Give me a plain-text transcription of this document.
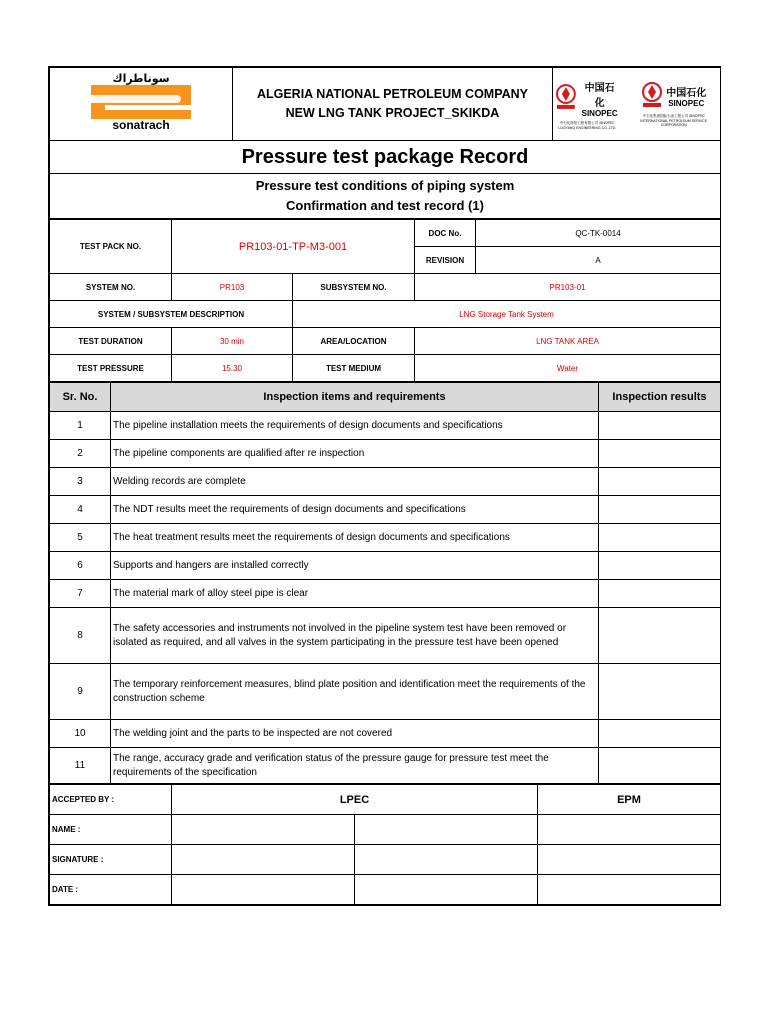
سوناطراك
sonatrach

ALGERIA NATIONAL PETROLEUM COMPANY
NEW LNG TANK PROJECT_SKIKDA

中国石化
SINOPEC
中石化洛阳工程有限公司 SINOPEC LUOYANG ENGINEERING CO.,LTD.
中国石化
SINOPEC
中石化集团国际石油工程公司 SINOPEC INTERNATIONAL PETROLEUM SERVICE CORPORATION

Pressure test package Record

Pressure test conditions of piping system
Confirmation and test record (1)
TEST PACK NO.	PR103-01-TP-M3-001		DOC No.	QC-TK-0014
			REVISION	A
SYSTEM NO.	PR103	SUBSYSTEM NO.	PR103-01	
SYSTEM / SUBSYSTEM DESCRIPTION		LNG Storage Tank System		
TEST DURATION	30 min	AREA/LOCATION	LNG TANK AREA	
TEST PRESSURE	15.30	TEST MEDIUM	Water	
Sr. No.	Inspection items and requirements	Inspection results
1	The pipeline installation meets the requirements of design documents and specifications	
2	The pipeline components are qualified after re inspection	
3	Welding records are complete	
4	The NDT results meet the requirements of design documents and specifications	
5	The heat treatment results meet the requirements of design documents and specifications	
6	Supports and hangers are installed correctly	
7	The material mark of alloy steel pipe is clear	
8	The safety accessories and instruments not involved in the pipeline system test have been removed or isolated as required, and all valves in the system participating in the pressure test have been opened	
9	The temporary reinforcement measures, blind plate position and identification meet the requirements of the construction scheme	
10	The welding joint and the parts to be inspected are not covered	
11	The range, accuracy grade and verification status of the pressure gauge for pressure test meet the requirements of the specification	
ACCEPTED BY :	LPEC		EPM
NAME :			
SIGNATURE :			
DATE :			
